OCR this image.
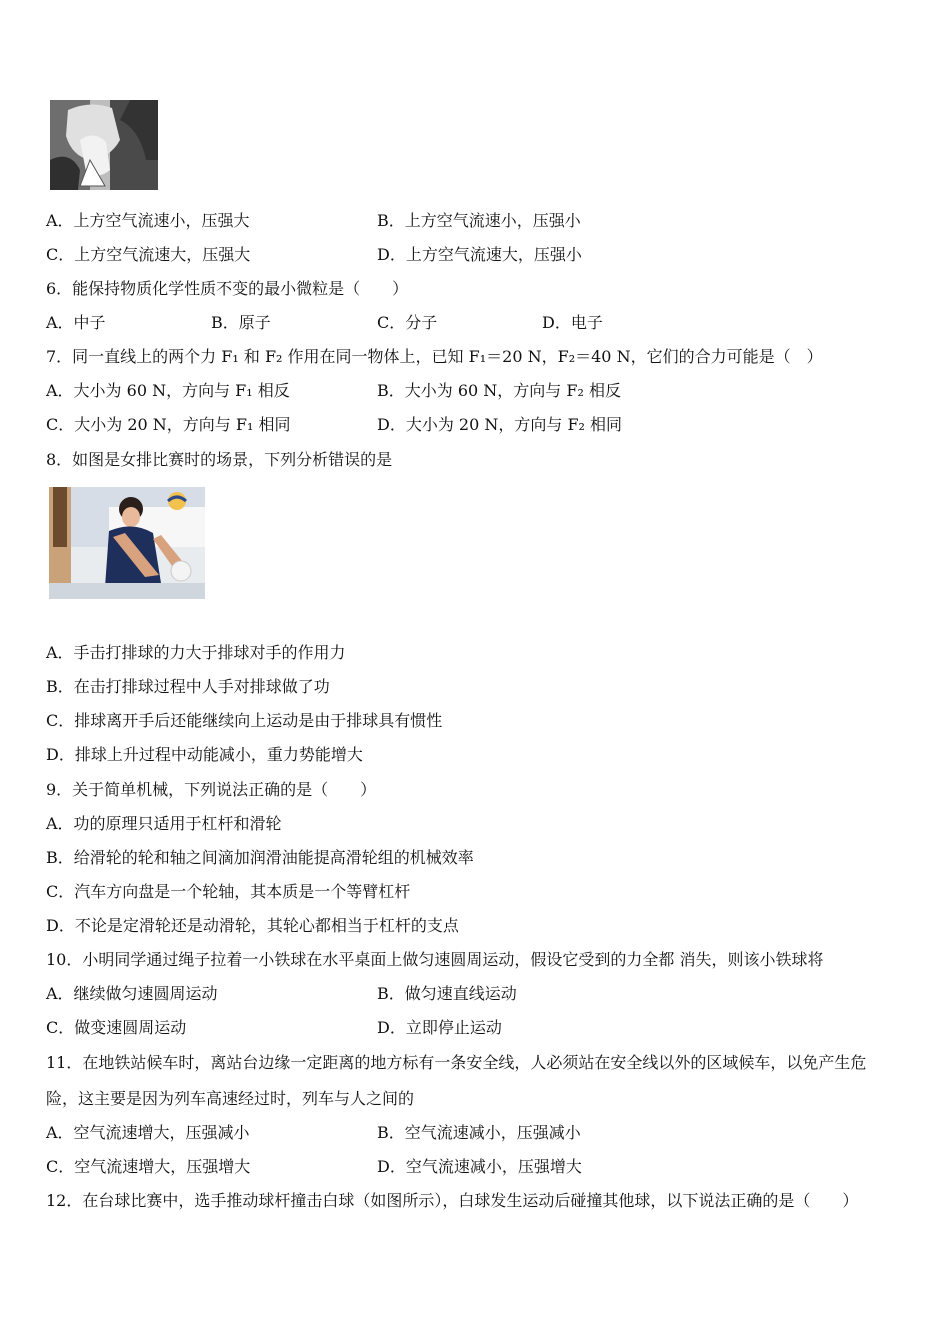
A．上方空气流速小，压强大	B．上方空气流速小，压强小
C．上方空气流速大，压强大	D．上方空气流速大，压强小
6．能保持物质化学性质不变的最小微粒是（　　）
A．中子	B．原子	C．分子	D．电子
7．同一直线上的两个力 F₁ 和 F₂ 作用在同一物体上，已知 F₁＝20 N，F₂＝40 N，它们的合力可能是（　）
A．大小为 60 N，方向与 F₁ 相反	B．大小为 60 N，方向与 F₂ 相反
C．大小为 20 N，方向与 F₁ 相同	D．大小为 20 N，方向与 F₂ 相同
8．如图是女排比赛时的场景，下列分析错误的是
A．手击打排球的力大于排球对手的作用力
B．在击打排球过程中人手对排球做了功
C．排球离开手后还能继续向上运动是由于排球具有惯性
D．排球上升过程中动能减小，重力势能增大
9．关于简单机械，下列说法正确的是（　　）
A．功的原理只适用于杠杆和滑轮
B．给滑轮的轮和轴之间滴加润滑油能提高滑轮组的机械效率
C．汽车方向盘是一个轮轴，其本质是一个等臂杠杆
D．不论是定滑轮还是动滑轮，其轮心都相当于杠杆的支点
10．小明同学通过绳子拉着一小铁球在水平桌面上做匀速圆周运动，假设它受到的力全都 消失，则该小铁球将
A．继续做匀速圆周运动	B．做匀速直线运动
C．做变速圆周运动	D．立即停止运动
11．在地铁站候车时，离站台边缘一定距离的地方标有一条安全线，人必须站在安全线以外的区域候车，以免产生危
险，这主要是因为列车高速经过时，列车与人之间的
A．空气流速增大，压强减小	B．空气流速减小，压强减小
C．空气流速增大，压强增大	D．空气流速减小，压强增大
12．在台球比赛中，选手推动球杆撞击白球（如图所示），白球发生运动后碰撞其他球，以下说法正确的是（　　）
